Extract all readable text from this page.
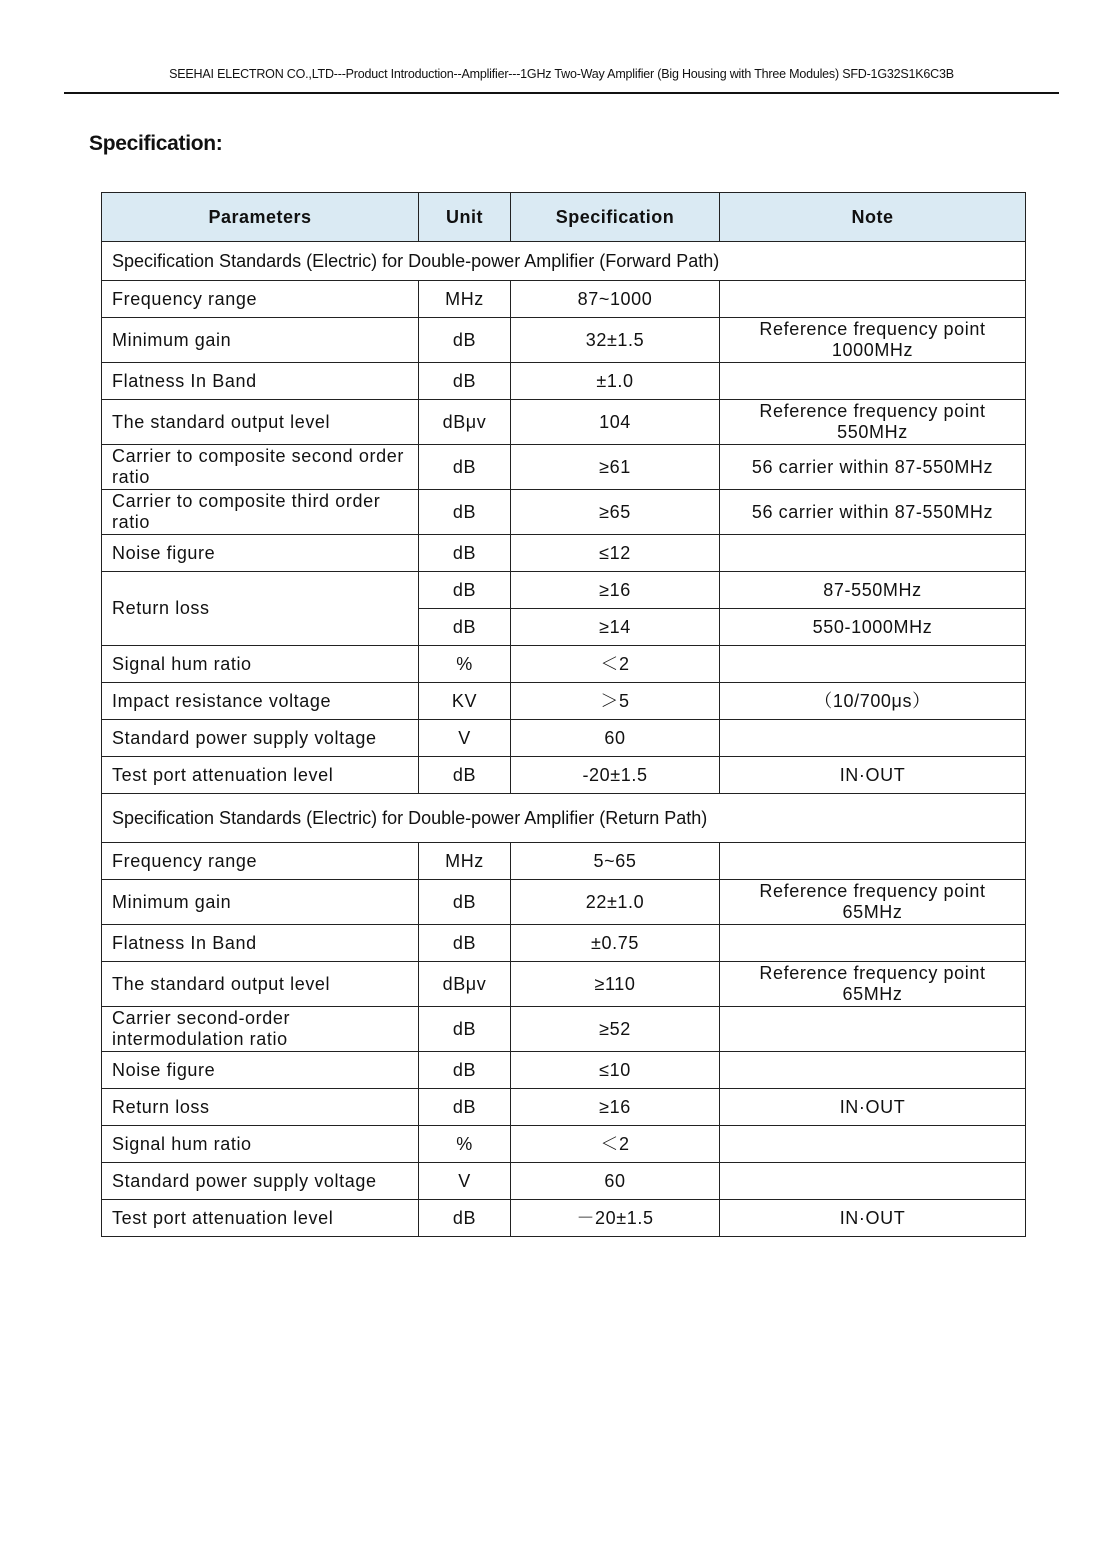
SEEHAI ELECTRON CO.,LTD---Product Introduction--Amplifier---1GHz Two-Way Amplifier (Big Housing with Three Modules) SFD-1G32S1K6C3B
Specification:
Parameters	Unit	Specification	Note
Specification Standards (Electric) for Double-power Amplifier (Forward Path)			
Frequency range	MHz	87~1000	
Minimum gain	dB	32±1.5	Reference frequency point 1000MHz
Flatness In Band	dB	±1.0	
The standard output level	dBμv	104	Reference frequency point 550MHz
Carrier to composite second order ratio	dB	≥61	56 carrier within 87-550MHz
Carrier to composite third order ratio	dB	≥65	56 carrier within 87-550MHz
Noise figure	dB	≤12	
Return loss	dB	≥16	87-550MHz
	dB	≥14	550-1000MHz
Signal hum ratio	%	＜2	
Impact resistance voltage	KV	＞5	（10/700μs）
Standard power supply voltage	V	60	
Test port attenuation level	dB	-20±1.5	IN·OUT
Specification Standards (Electric) for Double-power Amplifier (Return Path)			
Frequency range	MHz	5~65	
Minimum gain	dB	22±1.0	Reference frequency point 65MHz
Flatness In Band	dB	±0.75	
The standard output level	dBμv	≥110	Reference frequency point 65MHz
Carrier second-order intermodulation ratio	dB	≥52	
Noise figure	dB	≤10	
Return loss	dB	≥16	IN·OUT
Signal hum ratio	%	＜2	
Standard power supply voltage	V	60	
Test port attenuation level	dB	－20±1.5	IN·OUT
